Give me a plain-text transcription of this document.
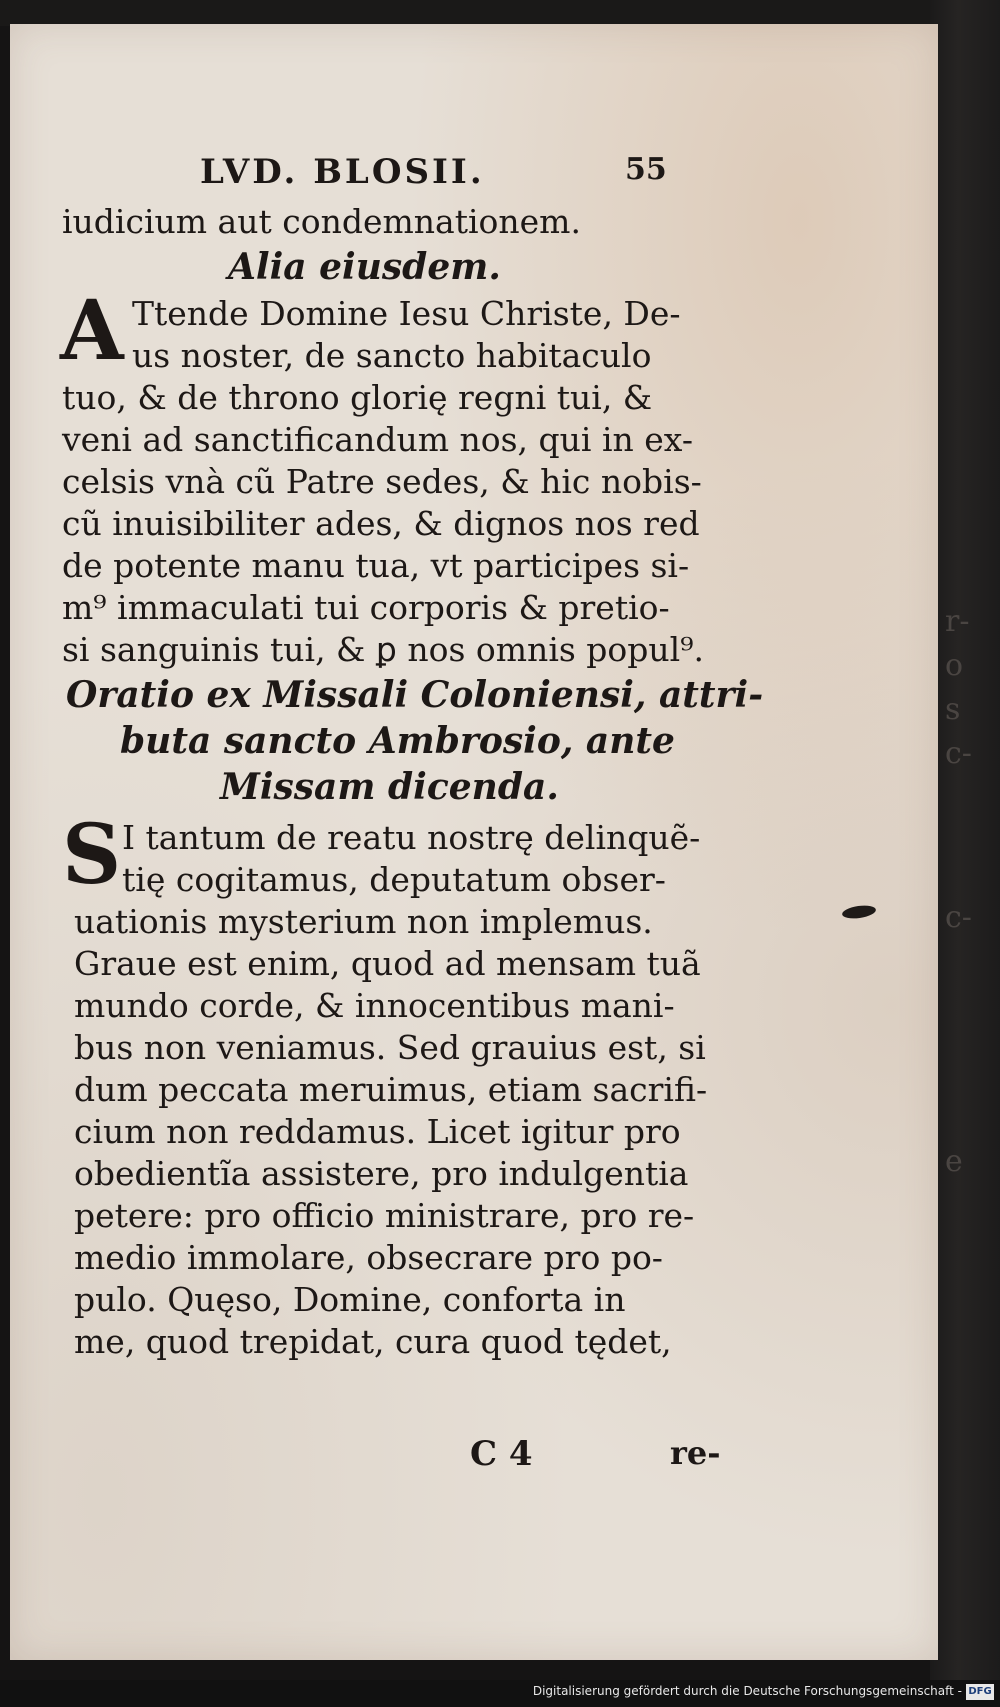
r-
o
s
c-
c-
e
LVD. BLOSII.	55
iudicium aut condemnationem.
Alia eiusdem.
A Ttende Domine Iesu Christe, De-
us noster, de sancto habitaculo
tuo, & de throno glorię regni tui, &
veni ad sanctificandum nos, qui in ex-
celsis vnà cũ Patre sedes, & hic nobis-
cũ inuisibiliter ades, & dignos nos red
de potente manu tua, vt participes si-
m⁹ immaculati tui corporis & pretio-
si sanguinis tui, & ꝑ nos omnis popul⁹.
Oratio ex Missali Coloniensi, attri-
buta sancto Ambrosio, ante
Missam dicenda.
S I tantum de reatu nostrę delinquẽ-
tię cogitamus, deputatum obser-
uationis mysterium non implemus.
Graue est enim, quod ad mensam tuã
mundo corde, & innocentibus mani-
bus non veniamus. Sed grauius est, si
dum peccata meruimus, etiam sacrifi-
cium non reddamus. Licet igitur pro
obedientĩa assistere, pro indulgentia
petere: pro officio ministrare, pro re-
medio immolare, obsecrare pro po-
pulo. Quęso, Domine, conforta in
me, quod trepidat, cura quod tędet,
C 4	re-
Digitalisierung gefördert durch die Deutsche Forschungsgemeinschaft - DFG
